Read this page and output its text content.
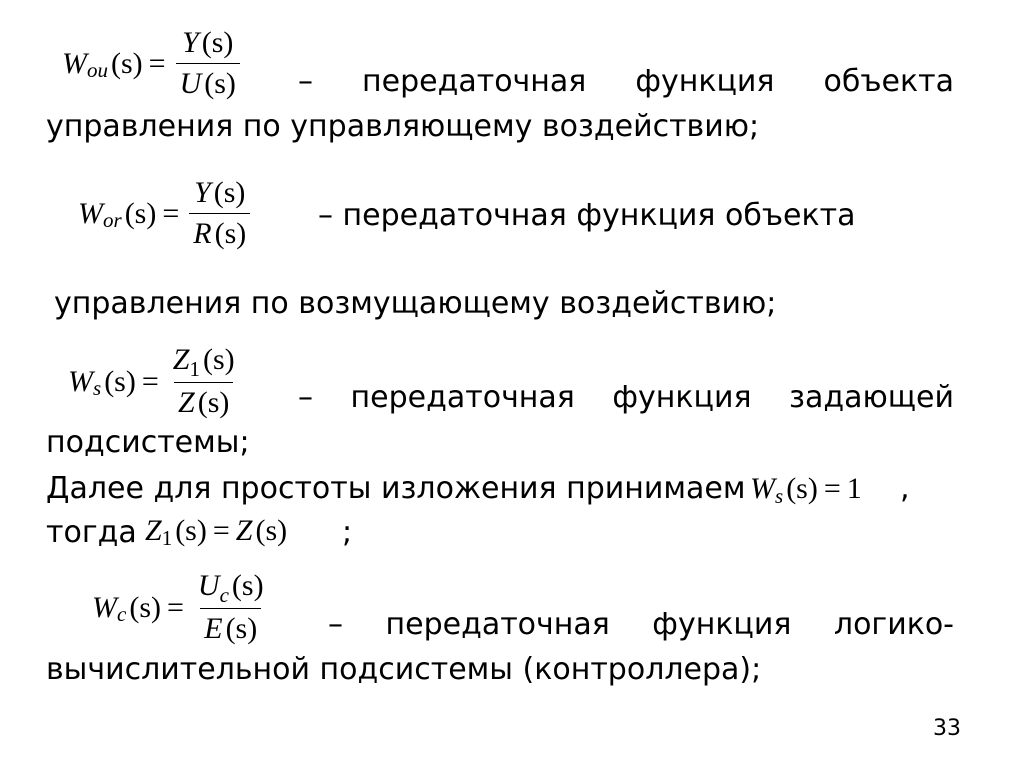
W ou $(s) = \frac{Y (s)}{U (s)}$ – передаточная функция объекта
управления по управляющему воздействию;
W or $(s) = \frac{Y (s)}{R (s)}$ – передаточная функция объекта
управления по возмущающему воздействию;
W s $(s) = \frac{Z_1 (s)}{Z (s)}$ – передаточная функция задающей
подсистемы;
Далее для простоты изложения принимаем W s (s) = 1 ,
тогда Z 1 (s) = Z (s) ;
W c $(s) = \frac{U_c (s)}{E (s)}$ – передаточная функция логико-
вычислительной подсистемы (контроллера);
33
